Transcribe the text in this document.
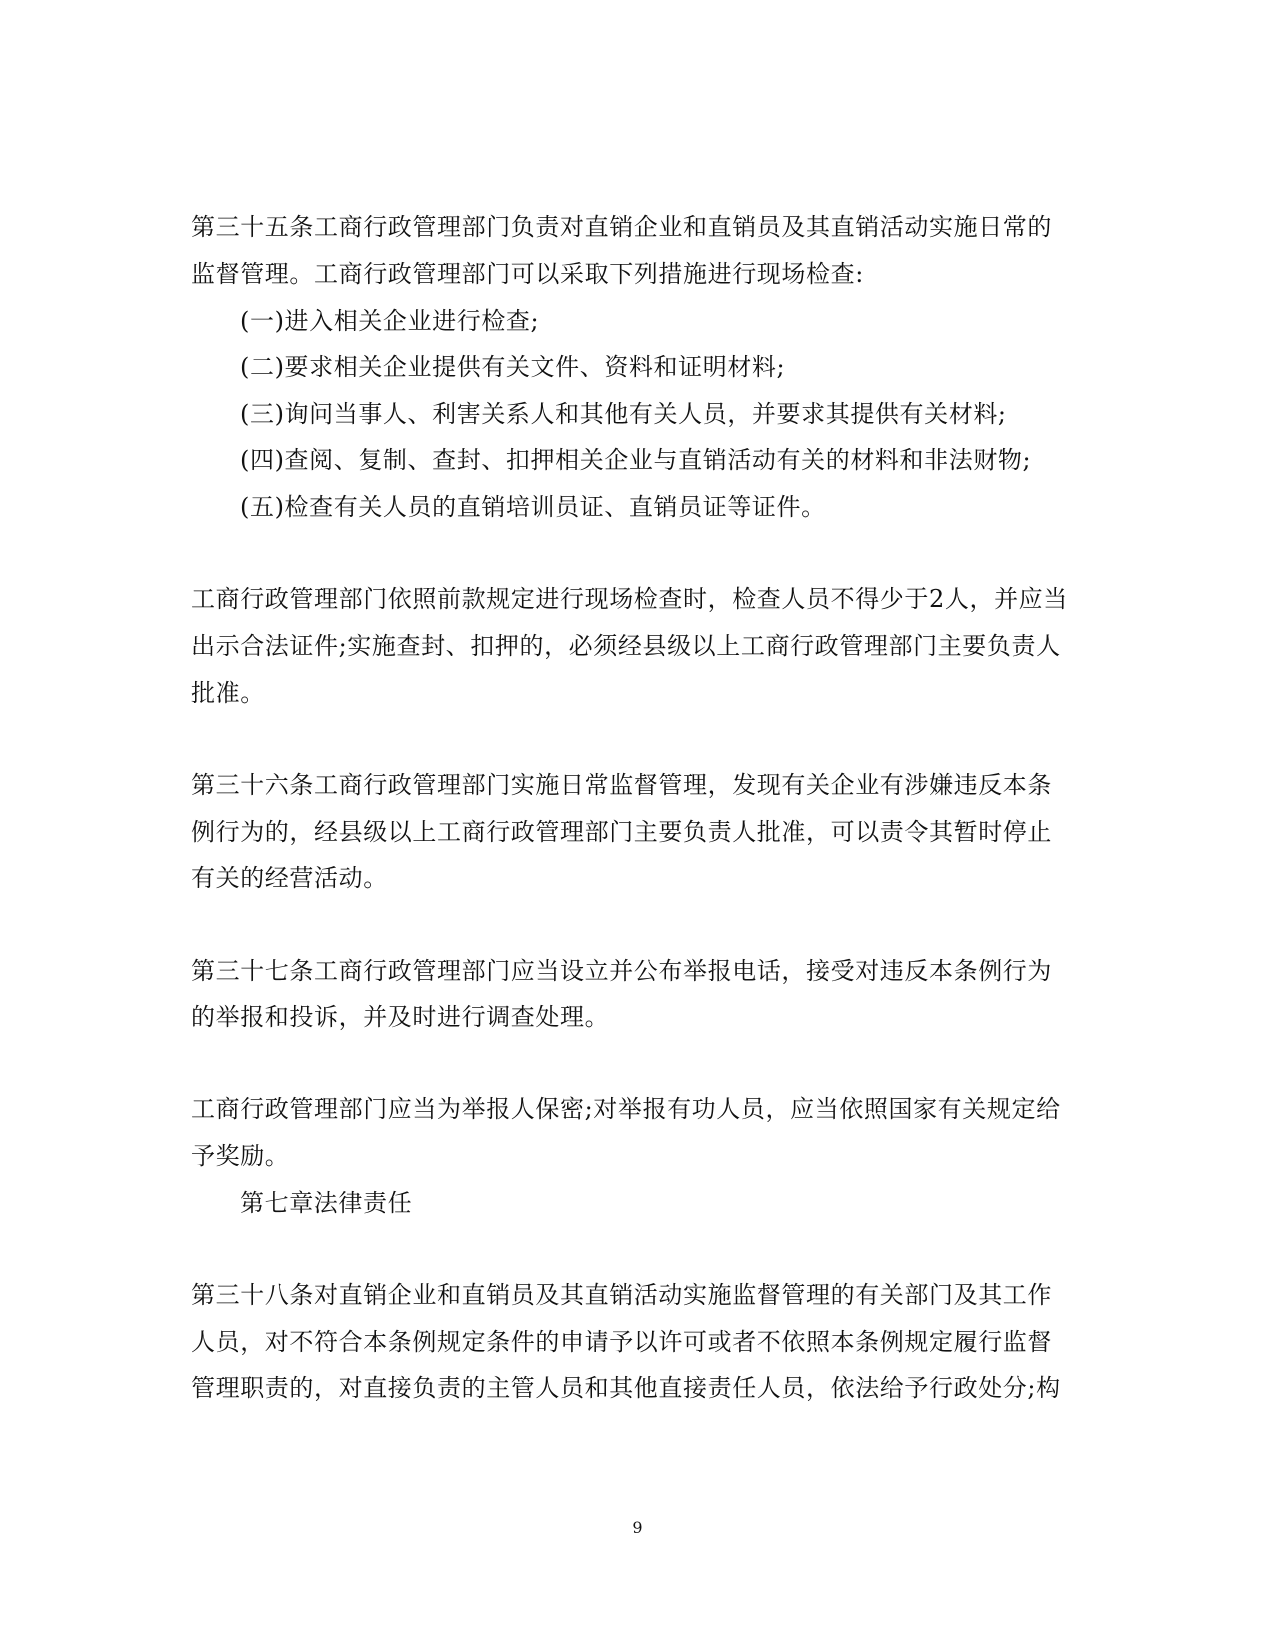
第三十五条工商行政管理部门负责对直销企业和直销员及其直销活动实施日常的
监督管理。工商行政管理部门可以采取下列措施进行现场检查:
(一)进入相关企业进行检查;
(二)要求相关企业提供有关文件、资料和证明材料;
(三)询问当事人、利害关系人和其他有关人员，并要求其提供有关材料;
(四)查阅、复制、查封、扣押相关企业与直销活动有关的材料和非法财物;
(五)检查有关人员的直销培训员证、直销员证等证件。
工商行政管理部门依照前款规定进行现场检查时，检查人员不得少于2人，并应当
出示合法证件;实施查封、扣押的，必须经县级以上工商行政管理部门主要负责人
批准。
第三十六条工商行政管理部门实施日常监督管理，发现有关企业有涉嫌违反本条
例行为的，经县级以上工商行政管理部门主要负责人批准，可以责令其暂时停止
有关的经营活动。
第三十七条工商行政管理部门应当设立并公布举报电话，接受对违反本条例行为
的举报和投诉，并及时进行调查处理。
工商行政管理部门应当为举报人保密;对举报有功人员，应当依照国家有关规定给
予奖励。
第七章法律责任
第三十八条对直销企业和直销员及其直销活动实施监督管理的有关部门及其工作
人员，对不符合本条例规定条件的申请予以许可或者不依照本条例规定履行监督
管理职责的，对直接负责的主管人员和其他直接责任人员，依法给予行政处分;构
9
